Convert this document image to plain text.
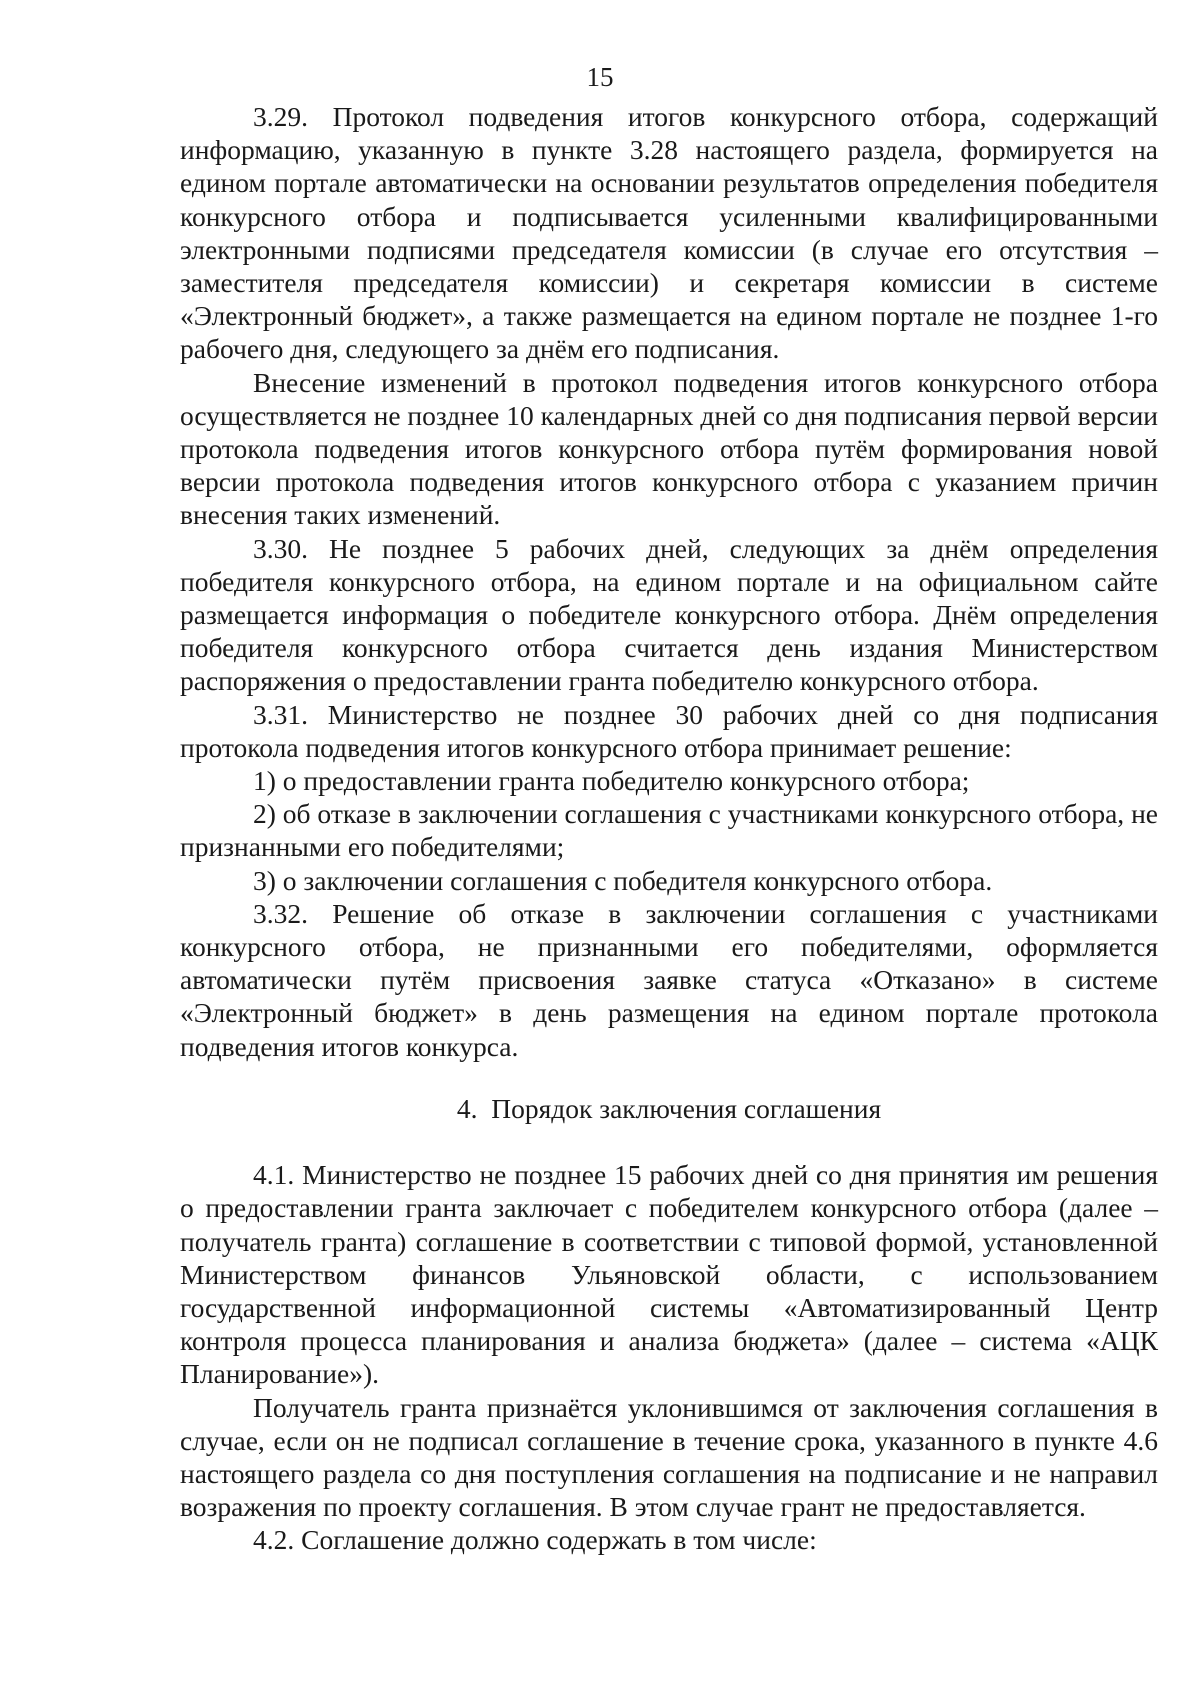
15

3.29. Протокол подведения итогов конкурсного отбора, содержащий информацию, указанную в пункте 3.28 настоящего раздела, формируется на едином портале автоматически на основании результатов определения победителя конкурсного отбора и подписывается усиленными квалифицированными электронными подписями председателя комиссии (в случае его отсутствия – заместителя председателя комиссии) и секретаря комиссии в системе «Электронный бюджет», а также размещается на едином портале не позднее 1-го рабочего дня, следующего за днём его подписания.

Внесение изменений в протокол подведения итогов конкурсного отбора осуществляется не позднее 10 календарных дней со дня подписания первой версии протокола подведения итогов конкурсного отбора путём формирования новой версии протокола подведения итогов конкурсного отбора с указанием причин внесения таких изменений.

3.30. Не позднее 5 рабочих дней, следующих за днём определения победителя конкурсного отбора, на едином портале и на официальном сайте размещается информация о победителе конкурсного отбора. Днём определения победителя конкурсного отбора считается день издания Министерством распоряжения о предоставлении гранта победителю конкурсного отбора.

3.31. Министерство не позднее 30 рабочих дней со дня подписания протокола подведения итогов конкурсного отбора принимает решение:

1) о предоставлении гранта победителю конкурсного отбора;

2) об отказе в заключении соглашения с участниками конкурсного отбора, не признанными его победителями;

3) о заключении соглашения с победителя конкурсного отбора.

3.32. Решение об отказе в заключении соглашения с участниками конкурсного отбора, не признанными его победителями, оформляется автоматически путём присвоения заявке статуса «Отказано» в системе «Электронный бюджет» в день размещения на едином портале протокола подведения итогов конкурса.

4. Порядок заключения соглашения

4.1. Министерство не позднее 15 рабочих дней со дня принятия им решения о предоставлении гранта заключает с победителем конкурсного отбора (далее – получатель гранта) соглашение в соответствии с типовой формой, установленной Министерством финансов Ульяновской области, с использованием государственной информационной системы «Автоматизированный Центр контроля процесса планирования и анализа бюджета» (далее – система «АЦК Планирование»).

Получатель гранта признаётся уклонившимся от заключения соглашения в случае, если он не подписал соглашение в течение срока, указанного в пункте 4.6 настоящего раздела со дня поступления соглашения на подписание и не направил возражения по проекту соглашения. В этом случае грант не предоставляется.

4.2. Соглашение должно содержать в том числе:
